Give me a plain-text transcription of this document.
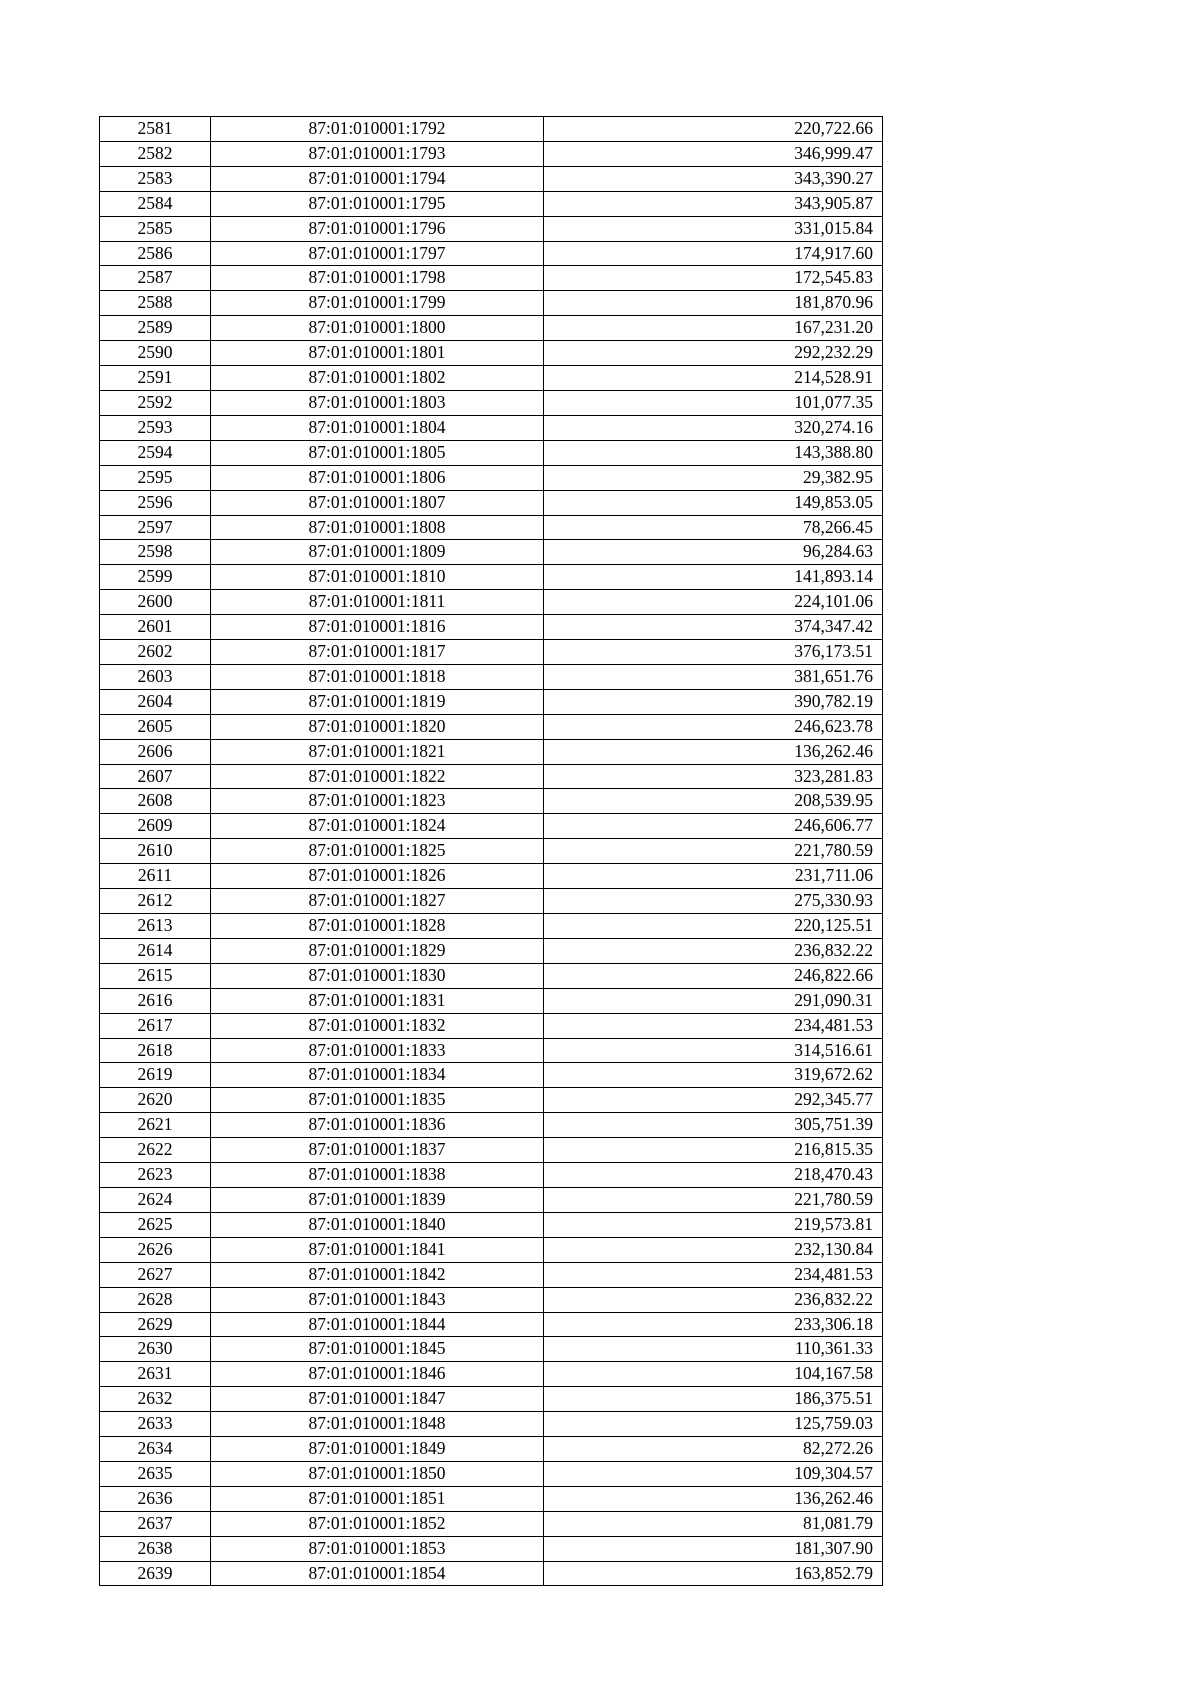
2581	87:01:010001:1792	220,722.66
2582	87:01:010001:1793	346,999.47
2583	87:01:010001:1794	343,390.27
2584	87:01:010001:1795	343,905.87
2585	87:01:010001:1796	331,015.84
2586	87:01:010001:1797	174,917.60
2587	87:01:010001:1798	172,545.83
2588	87:01:010001:1799	181,870.96
2589	87:01:010001:1800	167,231.20
2590	87:01:010001:1801	292,232.29
2591	87:01:010001:1802	214,528.91
2592	87:01:010001:1803	101,077.35
2593	87:01:010001:1804	320,274.16
2594	87:01:010001:1805	143,388.80
2595	87:01:010001:1806	29,382.95
2596	87:01:010001:1807	149,853.05
2597	87:01:010001:1808	78,266.45
2598	87:01:010001:1809	96,284.63
2599	87:01:010001:1810	141,893.14
2600	87:01:010001:1811	224,101.06
2601	87:01:010001:1816	374,347.42
2602	87:01:010001:1817	376,173.51
2603	87:01:010001:1818	381,651.76
2604	87:01:010001:1819	390,782.19
2605	87:01:010001:1820	246,623.78
2606	87:01:010001:1821	136,262.46
2607	87:01:010001:1822	323,281.83
2608	87:01:010001:1823	208,539.95
2609	87:01:010001:1824	246,606.77
2610	87:01:010001:1825	221,780.59
2611	87:01:010001:1826	231,711.06
2612	87:01:010001:1827	275,330.93
2613	87:01:010001:1828	220,125.51
2614	87:01:010001:1829	236,832.22
2615	87:01:010001:1830	246,822.66
2616	87:01:010001:1831	291,090.31
2617	87:01:010001:1832	234,481.53
2618	87:01:010001:1833	314,516.61
2619	87:01:010001:1834	319,672.62
2620	87:01:010001:1835	292,345.77
2621	87:01:010001:1836	305,751.39
2622	87:01:010001:1837	216,815.35
2623	87:01:010001:1838	218,470.43
2624	87:01:010001:1839	221,780.59
2625	87:01:010001:1840	219,573.81
2626	87:01:010001:1841	232,130.84
2627	87:01:010001:1842	234,481.53
2628	87:01:010001:1843	236,832.22
2629	87:01:010001:1844	233,306.18
2630	87:01:010001:1845	110,361.33
2631	87:01:010001:1846	104,167.58
2632	87:01:010001:1847	186,375.51
2633	87:01:010001:1848	125,759.03
2634	87:01:010001:1849	82,272.26
2635	87:01:010001:1850	109,304.57
2636	87:01:010001:1851	136,262.46
2637	87:01:010001:1852	81,081.79
2638	87:01:010001:1853	181,307.90
2639	87:01:010001:1854	163,852.79
